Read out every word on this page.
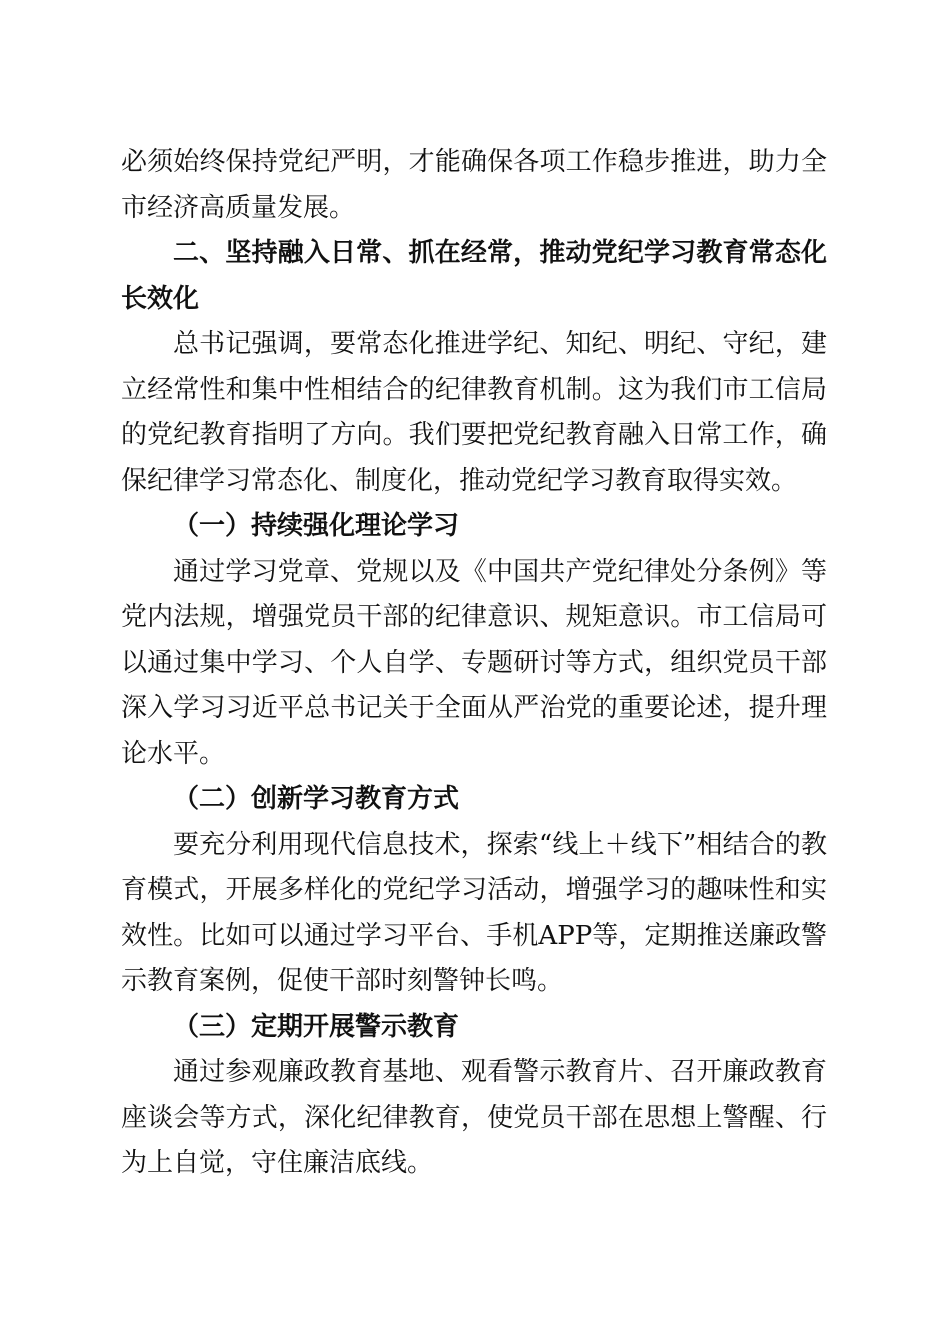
必须始终保持党纪严明，才能确保各项工作稳步推进，助力全市经济高质量发展。

二、坚持融入日常、抓在经常，推动党纪学习教育常态化长效化

总书记强调，要常态化推进学纪、知纪、明纪、守纪，建立经常性和集中性相结合的纪律教育机制。这为我们市工信局的党纪教育指明了方向。我们要把党纪教育融入日常工作，确保纪律学习常态化、制度化，推动党纪学习教育取得实效。

（一）持续强化理论学习

通过学习党章、党规以及《中国共产党纪律处分条例》等党内法规，增强党员干部的纪律意识、规矩意识。市工信局可以通过集中学习、个人自学、专题研讨等方式，组织党员干部深入学习习近平总书记关于全面从严治党的重要论述，提升理论水平。

（二）创新学习教育方式

要充分利用现代信息技术，探索“线上＋线下”相结合的教育模式，开展多样化的党纪学习活动，增强学习的趣味性和实效性。比如可以通过学习平台、手机APP等，定期推送廉政警示教育案例，促使干部时刻警钟长鸣。

（三）定期开展警示教育

通过参观廉政教育基地、观看警示教育片、召开廉政教育座谈会等方式，深化纪律教育，使党员干部在思想上警醒、行为上自觉，守住廉洁底线。
